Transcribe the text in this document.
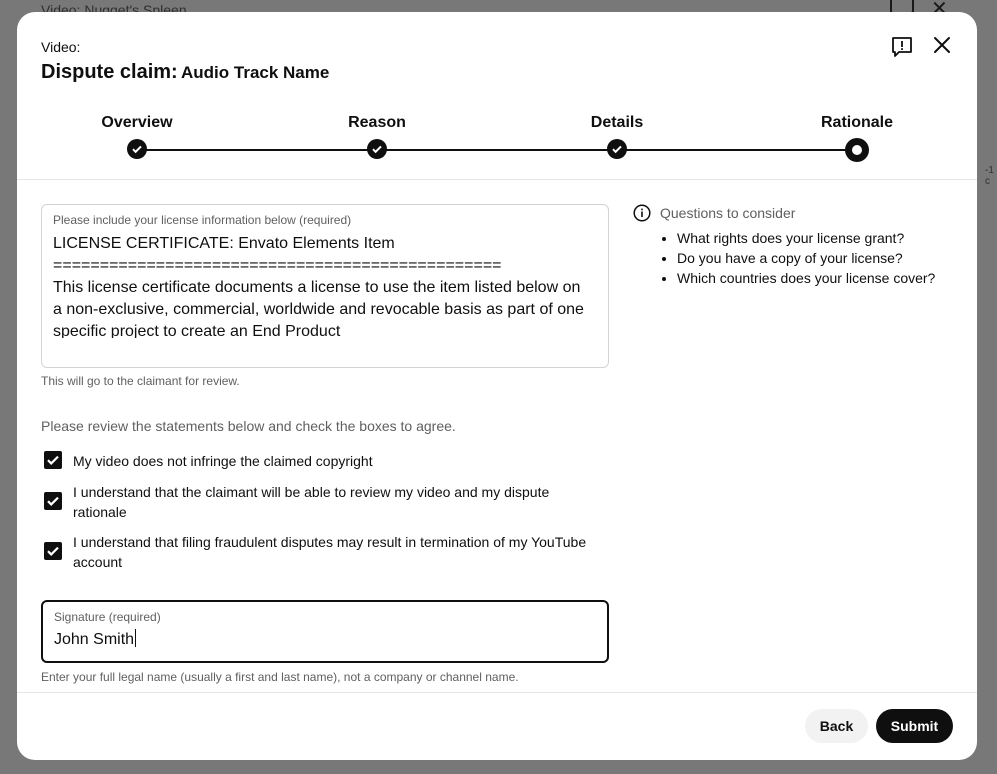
Video:
Dispute claim: Audio Track Name
Overview	Reason	Details	Rationale
Please include your license information below (required)
LICENSE CERTIFICATE: Envato Elements Item
================================================
This license certificate documents a license to use the item listed below on a non-exclusive, commercial, worldwide and revocable basis as part of one specific project to create an End Product
This will go to the claimant for review.
Please review the statements below and check the boxes to agree.
My video does not infringe the claimed copyright
I understand that the claimant will be able to review my video and my dispute rationale
I understand that filing fraudulent disputes may result in termination of my YouTube account
Signature (required)
John Smith
Enter your full legal name (usually a first and last name), not a company or channel name.
Questions to consider
• What rights does your license grant?
• Do you have a copy of your license?
• Which countries does your license cover?
Back	Submit
